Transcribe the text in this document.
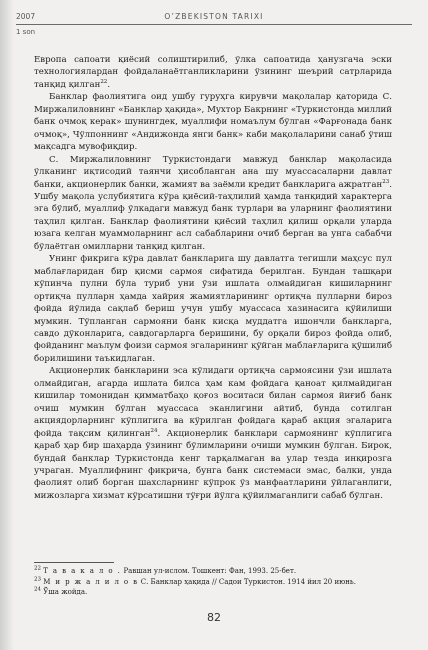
2007	O’ZBEKISTON TARIXI
1 son

Европа сапоати қиёсий солиштирилиб, ўлка сапоатида ҳанузгача эски технологиялардан фойдаланаётганликларини ўзининг шеърий сатрларида танқид қилган$^{22}$.

Банклар фаолиятига оид ушбу гуруҳга кирувчи мақолалар қаторида С. Миржалиловнинг «Банклар ҳақида», Мухтор Бакрнинг «Туркистонда миллий банк очмоқ керак» шунингдек, муаллифи номаълум бўлган «Фарғонада банк очмоқ», Чўлпоннинг «Андижонда янги банк» каби мақолаларини санаб ўтиш мақсадга мувофиқдир.

С. Миржалиловнинг Туркистондаги мавжуд банклар мақоласида ўлканинг иқтисодий таянчи ҳисобланган ана шу муассасаларни давлат банки, акционерлик банки, жамият ва заёмли кредит банкларига ажратган$^{23}$. Ушбу мақола услубиятига кўра қиёсий-таҳлилий ҳамда танқидий характерга эга бўлиб, муаллиф ўлкадаги мавжуд банк турлари ва уларнинг фаолиятини таҳлил қилган. Банклар фаолиятини қиёсий таҳлил қилиш орқали уларда юзага келган муаммоларнинг асл сабабларини очиб берган ва унга сабабчи бўлаётган омилларни танқид қилган.

Унинг фикрига кўра давлат банкларига шу давлатга тегишли маҳсус пул маблағларидан бир қисми сармоя сифатида берилган. Бундан ташқари кўпинча пулни бўла туриб уни ўзи ишлата олмайдиган кишиларнинг ортиқча пулларн ҳамда хайрия жамиятларининг ортиқча пулларни бироз фойда йўлида сақлаб бериш учун ушбу муассаса хазинасига қўйилиши мумкин. Тўпланган сармояни банк кисқа муддатга ишончли банкларга, савдо дўконларига, савдогарларга беришини, бу орқали бироз фойда олиб, фойданинг маълум фоизи сармоя эгаларининг қўйган маблағларига қўшилиб борилишини таъкидлаган.

Акционерлик банкларини эса кўлидаги ортиқча сармоясини ўзи ишлата олмайдиган, агарда ишлата билса ҳам кам фойдага қаноат қилмайдиган кишилар томонидан қимматбаҳо қоғоз воситаси билан сармоя йиғиб банк очиш мумкин бўлган муассаса эканлигини айтиб, бунда сотилган акциядорларнинг кўплигига ва кўрилган фойдага қараб акция эгаларига фойда тақсим қилинган$^{24}$. Акционерлик банклари сармоянинг кўплигига қараб ҳар бир шаҳарда ўзининг бўлимларини очиши мумкин бўлган. Бирок, бундай банклар Туркистонда кенг тарқалмаган ва улар тезда инқирозга учраган. Муаллифнинг фикрича, бунга банк системаси эмас, балки, унда фаолият олиб борган шахсларнинг кўпрок ўз манфаатларини ўйлаганлиги, мижозларга хизмат кўрсатишни тўғри йўлга қўйилмаганлиги сабаб бўлган.

$^{22}$ Т а в а к а л о . Равшан ул-ислом. Тошкент: Фан, 1993. 25-бет.

$^{23}$ М и р ж а л и л о в С. Банклар ҳақида // Садои Туркистон. 1914 йил 20 июнь.

$^{24}$ Ўша жойда.

82
